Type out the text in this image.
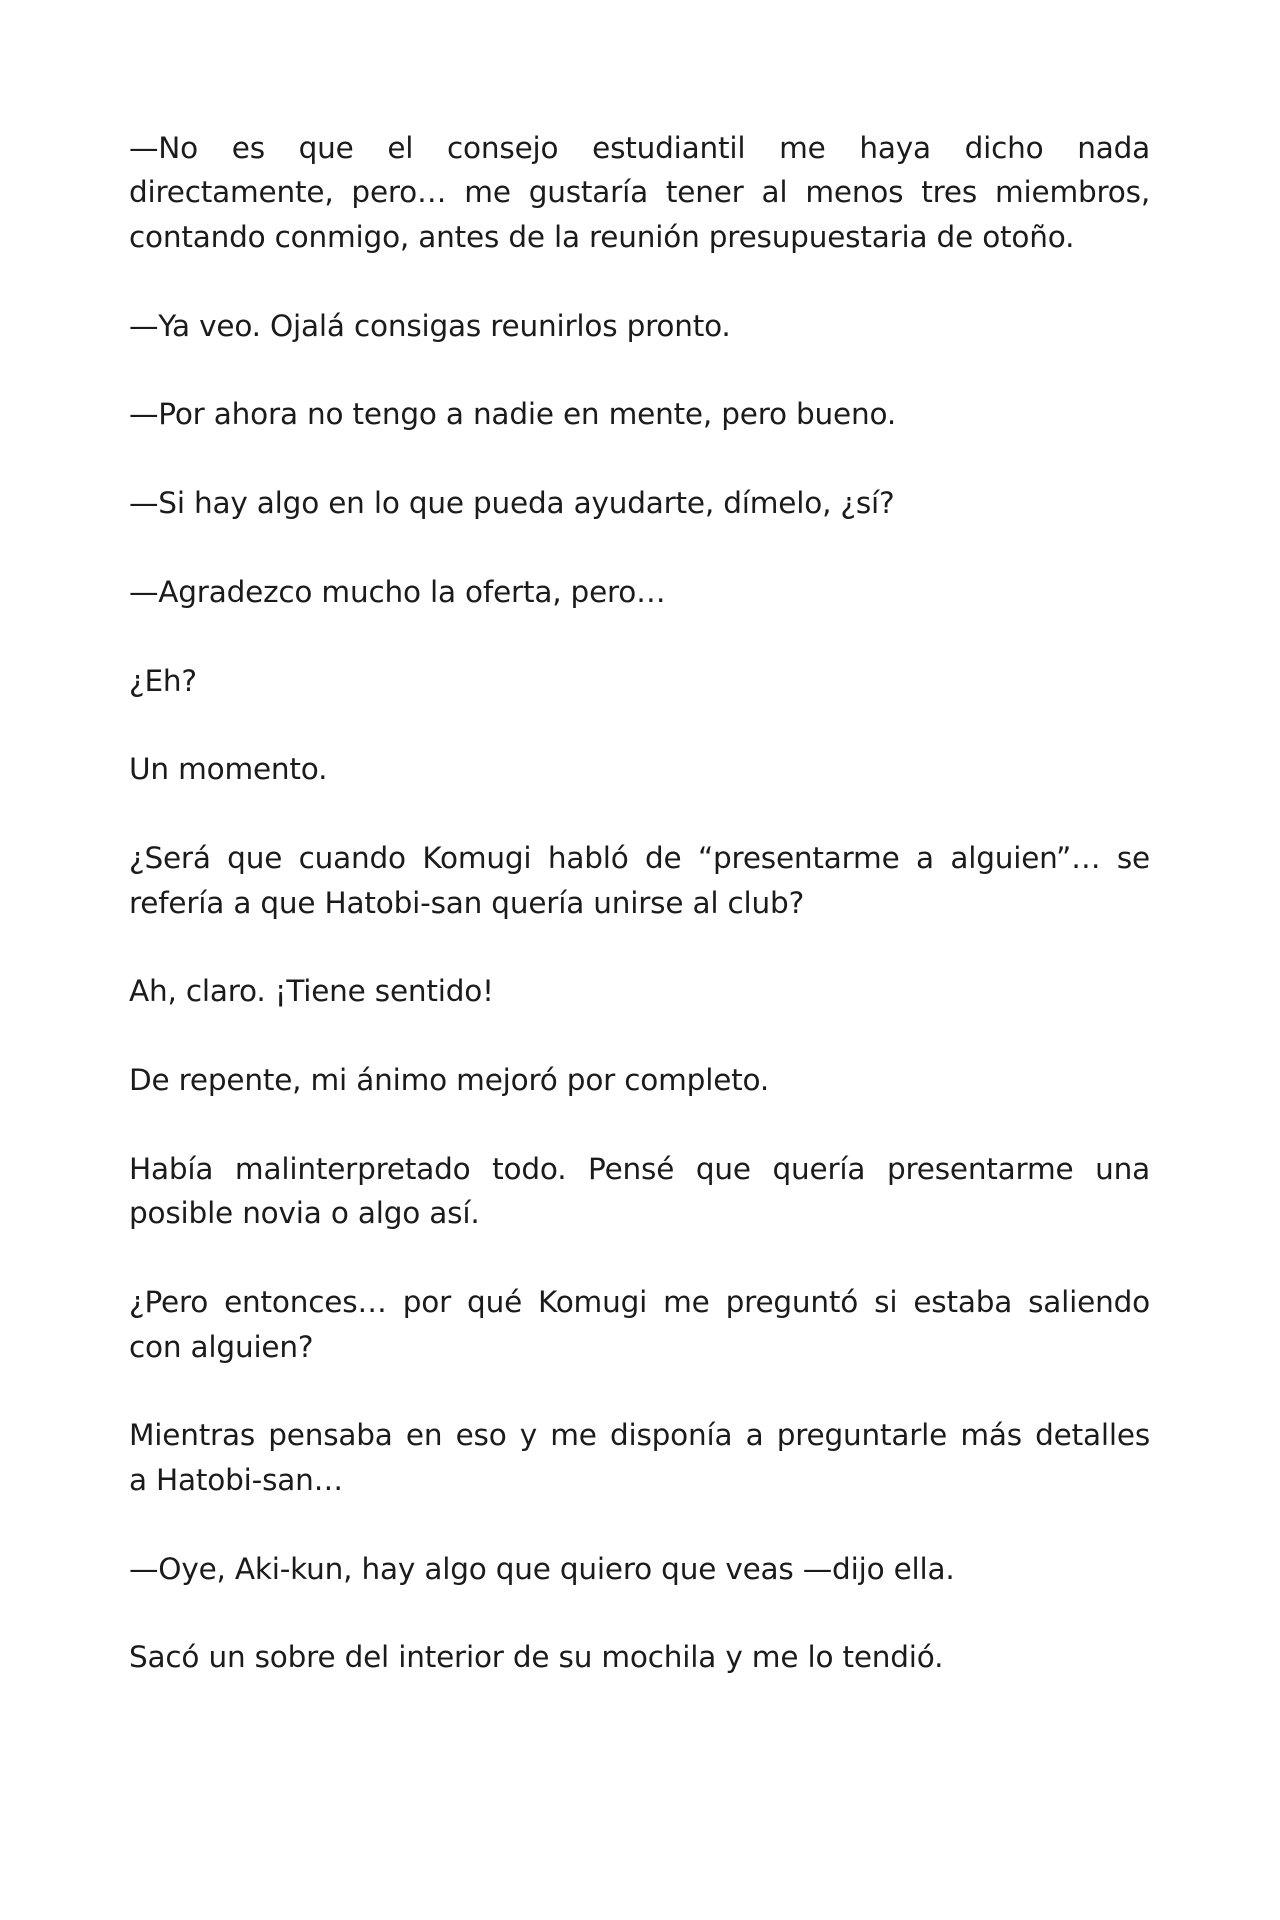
—No es que el consejo estudiantil me haya dicho nada
directamente, pero… me gustaría tener al menos tres miembros,
contando conmigo, antes de la reunión presupuestaria de otoño.
—Ya veo. Ojalá consigas reunirlos pronto.
—Por ahora no tengo a nadie en mente, pero bueno.
—Si hay algo en lo que pueda ayudarte, dímelo, ¿sí?
—Agradezco mucho la oferta, pero…
¿Eh?
Un momento.
¿Será que cuando Komugi habló de “presentarme a alguien”… se
refería a que Hatobi-san quería unirse al club?
Ah, claro. ¡Tiene sentido!
De repente, mi ánimo mejoró por completo.
Había malinterpretado todo. Pensé que quería presentarme una
posible novia o algo así.
¿Pero entonces… por qué Komugi me preguntó si estaba saliendo
con alguien?
Mientras pensaba en eso y me disponía a preguntarle más detalles
a Hatobi-san…
—Oye, Aki-kun, hay algo que quiero que veas —dijo ella.
Sacó un sobre del interior de su mochila y me lo tendió.
